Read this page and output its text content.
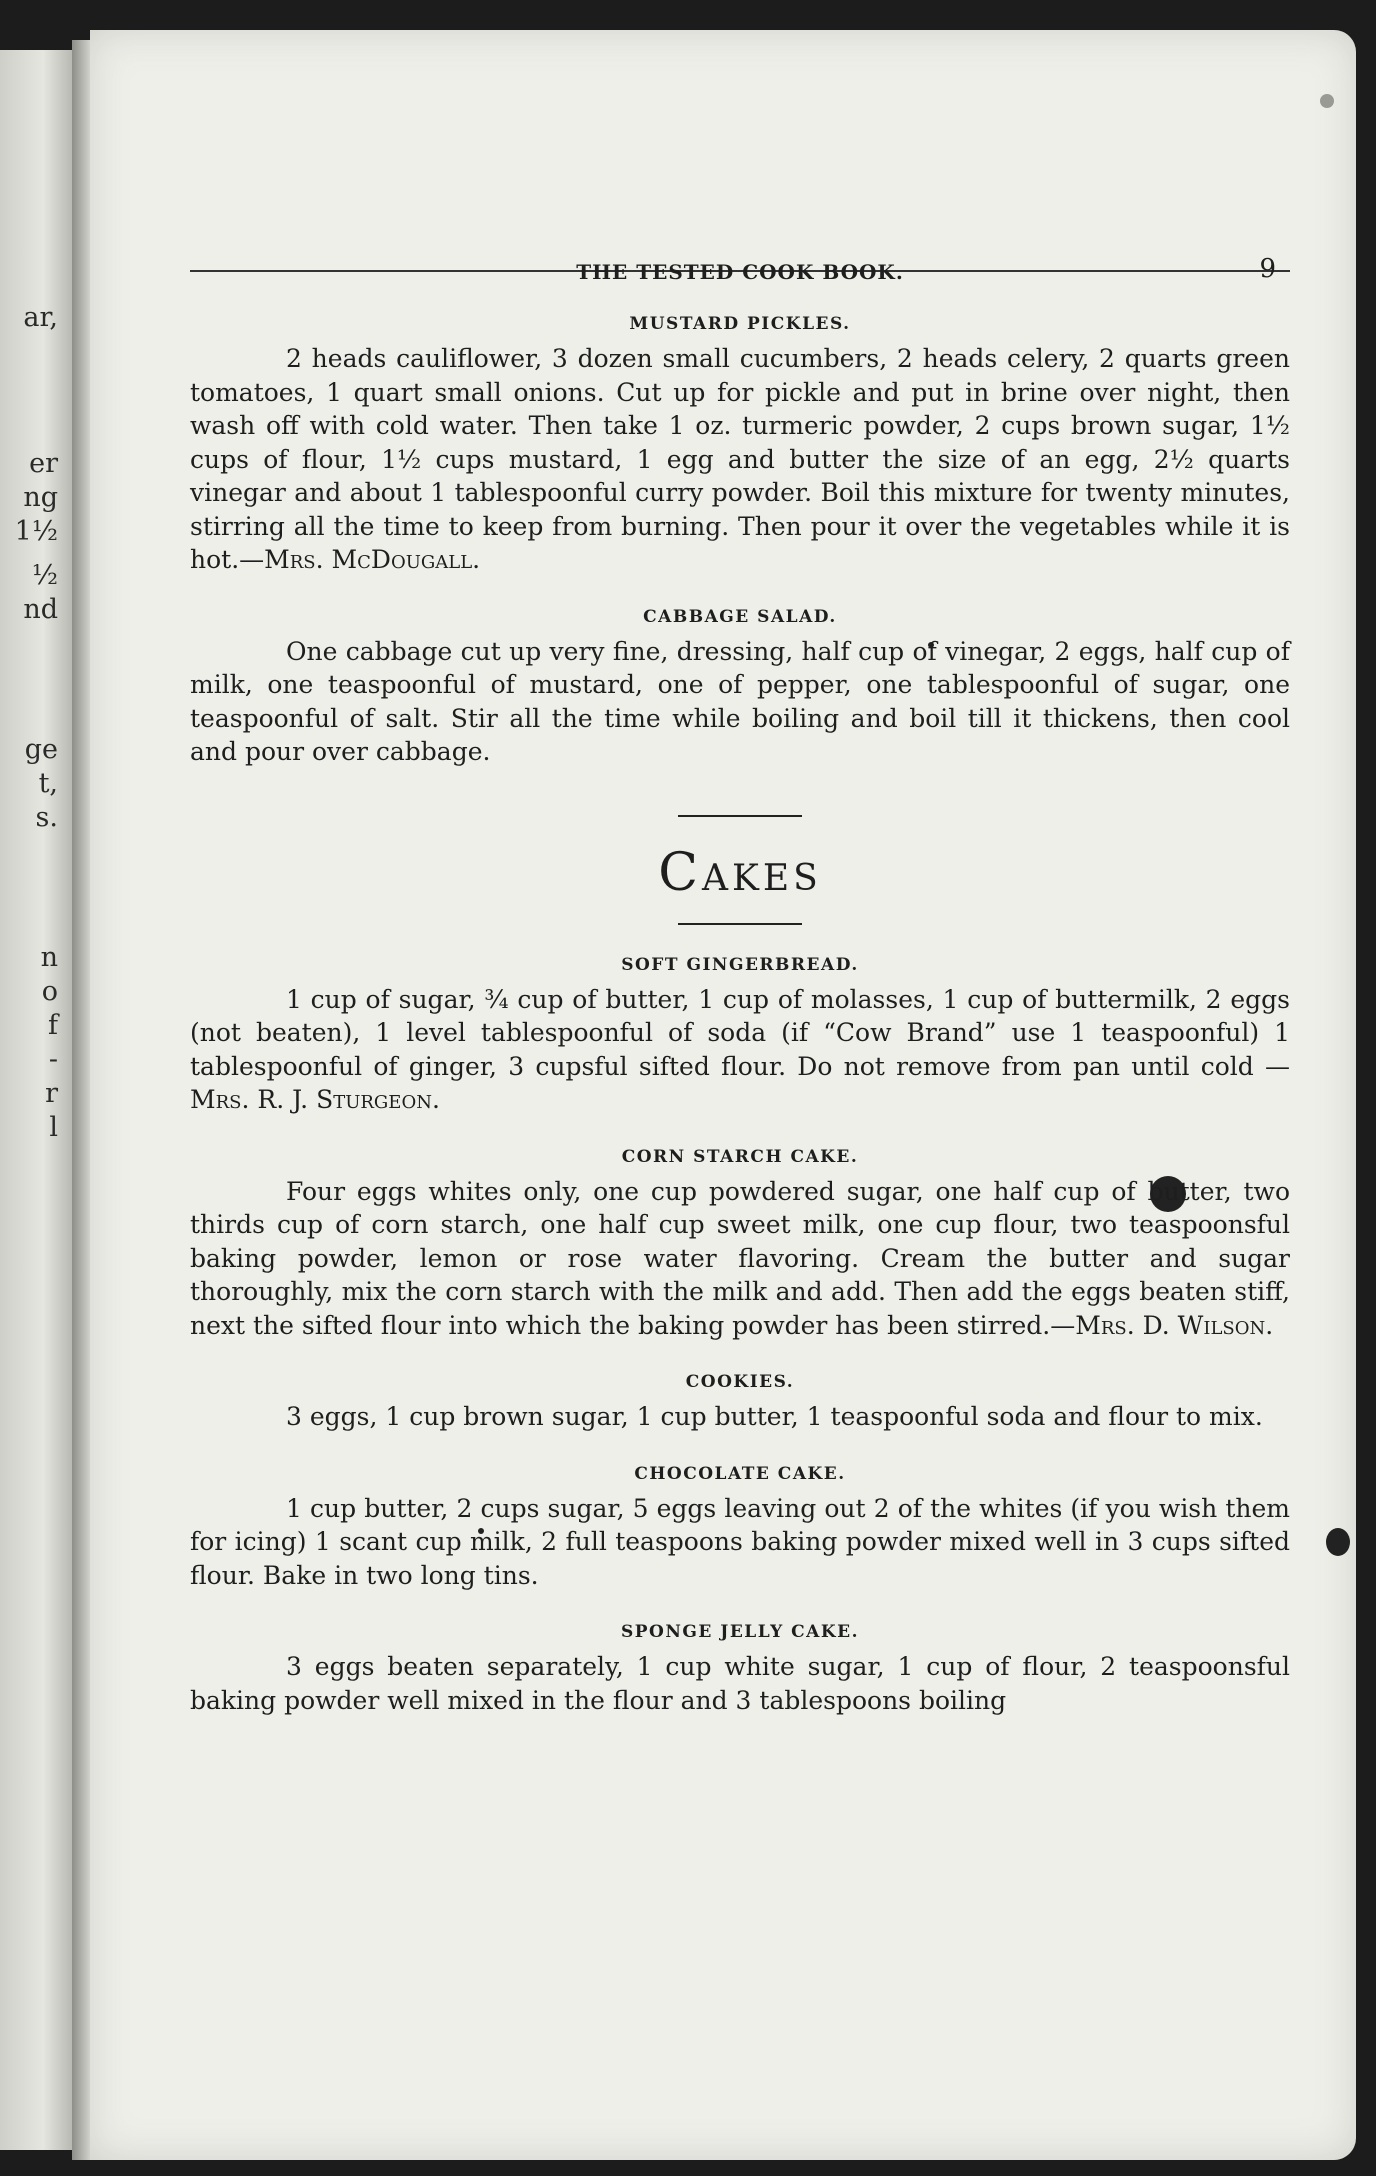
ar,
er
ng
1½
½
nd
ge
t,
s.
n
o
f
-
r
l
THE TESTED COOK BOOK.	9
MUSTARD PICKLES.

2 heads cauliflower, 3 dozen small cucumbers, 2 heads celery, 2 quarts green tomatoes, 1 quart small onions. Cut up for pickle and put in brine over night, then wash off with cold water. Then take 1 oz. turmeric powder, 2 cups brown sugar, 1½ cups of flour, 1½ cups mustard, 1 egg and butter the size of an egg, 2½ quarts vinegar and about 1 tablespoonful curry powder. Boil this mixture for twenty minutes, stirring all the time to keep from burning. Then pour it over the vegetables while it is hot.—Mrs. McDougall.

CABBAGE SALAD.

One cabbage cut up very fine, dressing, half cup of vinegar, 2 eggs, half cup of milk, one teaspoonful of mustard, one of pepper, one tablespoonful of sugar, one teaspoonful of salt. Stir all the time while boiling and boil till it thickens, then cool and pour over cabbage.

Cakes
SOFT GINGERBREAD.

1 cup of sugar, ¾ cup of butter, 1 cup of molasses, 1 cup of buttermilk, 2 eggs (not beaten), 1 level tablespoonful of soda (if “Cow Brand” use 1 teaspoonful) 1 tablespoonful of ginger, 3 cupsful sifted flour. Do not remove from pan until cold —Mrs. R. J. Sturgeon.

CORN STARCH CAKE.

Four eggs whites only, one cup powdered sugar, one half cup of butter, two thirds cup of corn starch, one half cup sweet milk, one cup flour, two teaspoonsful baking powder, lemon or rose water flavoring. Cream the butter and sugar thoroughly, mix the corn starch with the milk and add. Then add the eggs beaten stiff, next the sifted flour into which the baking powder has been stirred.—Mrs. D. Wilson.

COOKIES.

3 eggs, 1 cup brown sugar, 1 cup butter, 1 teaspoonful soda and flour to mix.

CHOCOLATE CAKE.

1 cup butter, 2 cups sugar, 5 eggs leaving out 2 of the whites (if you wish them for icing) 1 scant cup milk, 2 full teaspoons baking powder mixed well in 3 cups sifted flour. Bake in two long tins.

SPONGE JELLY CAKE.

3 eggs beaten separately, 1 cup white sugar, 1 cup of flour, 2 teaspoonsful baking powder well mixed in the flour and 3 tablespoons boiling
